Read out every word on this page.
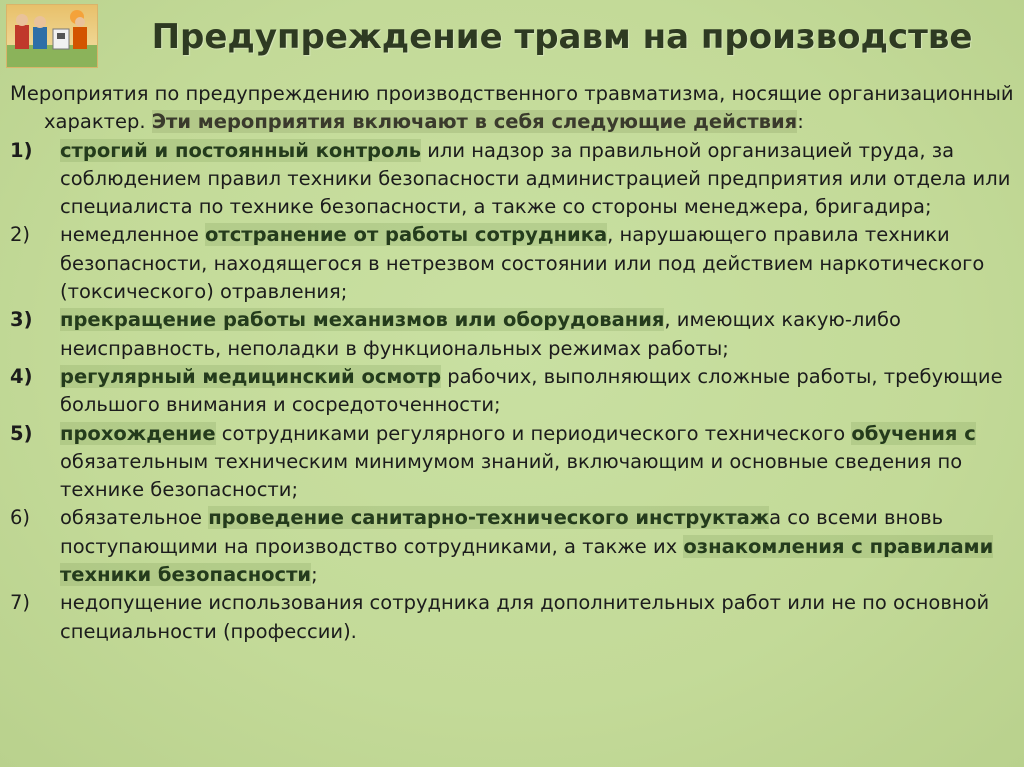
Предупреждение травм на производстве

Мероприятия по предупреждению производственного травматизма, носящие организационный характер. Эти мероприятия включают в себя следующие действия:

1)	строгий и постоянный контроль или надзор за правильной организацией труда, за соблюдением правил техники безопасности администрацией предприятия или отдела или специалиста по технике безопасности, а также со стороны менеджера, бригадира;

2)	немедленное отстранение от работы сотрудника, нарушающего правила техники безопасности, находящегося в нетрезвом состоянии или под действием наркотического (токсического) отравления;

3)	прекращение работы механизмов или оборудования, имеющих какую-либо неисправность, неполадки в функциональных режимах работы;

4)	регулярный медицинский осмотр рабочих, выполняющих сложные работы, требующие большого внимания и сосредоточенности;

5)	прохождение сотрудниками регулярного и периодического технического обучения с обязательным техническим минимумом знаний, включающим и основные сведения по технике безопасности;

6)	обязательное проведение санитарно-технического инструктажа со всеми вновь поступающими на производство сотрудниками, а также их ознакомления с правилами техники безопасности;

7)	недопущение использования сотрудника для дополнительных работ или не по основной специальности (профессии).
